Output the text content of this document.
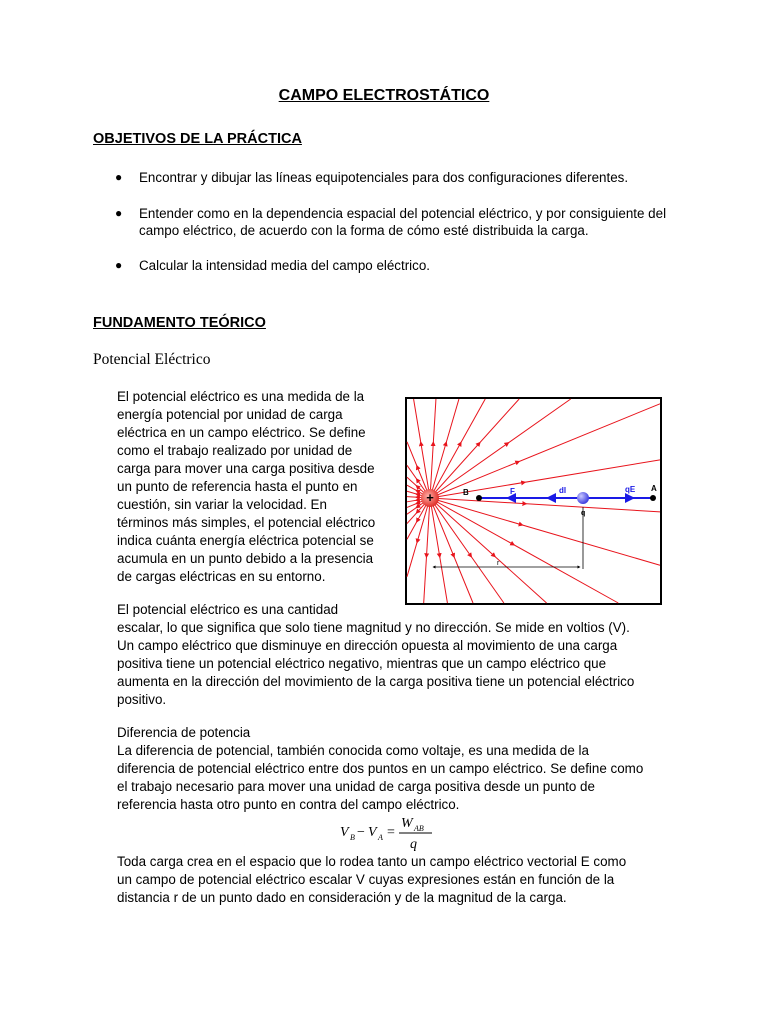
CAMPO ELECTROSTÁTICO
OBJETIVOS DE LA PRÁCTICA
● Encontrar y dibujar las líneas equipotenciales para dos configuraciones diferentes.
● Entender como en la dependencia espacial del potencial eléctrico, y por consiguiente del campo eléctrico, de acuerdo con la forma de cómo esté distribuida la carga.
● Calcular la intensidad media del campo eléctrico.
FUNDAMENTO TEÓRICO
Potencial Eléctrico
El potencial eléctrico es una medida de la
energía potencial por unidad de carga
eléctrica en un campo eléctrico. Se define
como el trabajo realizado por unidad de
carga para mover una carga positiva desde
un punto de referencia hasta el punto en
cuestión, sin variar la velocidad. En
términos más simples, el potencial eléctrico
indica cuánta energía eléctrica potencial se
acumula en un punto debido a la presencia
de cargas eléctricas en su entorno.
+	B	F	dl	qE A
q
r
El potencial eléctrico es una cantidad
escalar, lo que significa que solo tiene magnitud y no dirección. Se mide en voltios (V).
Un campo eléctrico que disminuye en dirección opuesta al movimiento de una carga
positiva tiene un potencial eléctrico negativo, mientras que un campo eléctrico que
aumenta en la dirección del movimiento de la carga positiva tiene un potencial eléctrico
positivo.
Diferencia de potencia
La diferencia de potencial, también conocida como voltaje, es una medida de la
diferencia de potencial eléctrico entre dos puntos en un campo eléctrico. Se define como
el trabajo necesario para mover una unidad de carga positiva desde un punto de
referencia hasta otro punto en contra del campo eléctrico.
V B − V A =
W AB
q
Toda carga crea en el espacio que lo rodea tanto un campo eléctrico vectorial E como
un campo de potencial eléctrico escalar V cuyas expresiones están en función de la
distancia r de un punto dado en consideración y de la magnitud de la carga.
